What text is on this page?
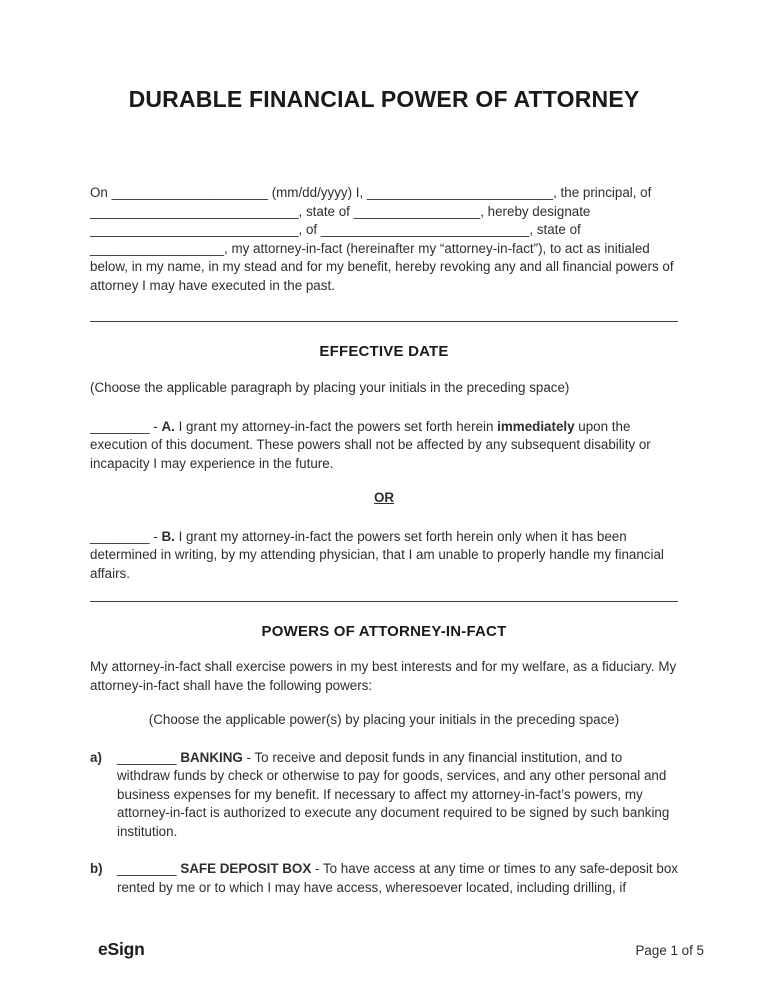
DURABLE FINANCIAL POWER OF ATTORNEY

On _____________________ (mm/dd/yyyy) I, _________________________, the principal, of ____________________________, state of _________________, hereby designate ____________________________, of ____________________________, state of __________________, my attorney-in-fact (hereinafter my “attorney-in-fact”), to act as initialed below, in my name, in my stead and for my benefit, hereby revoking any and all financial powers of attorney I may have executed in the past.

EFFECTIVE DATE

(Choose the applicable paragraph by placing your initials in the preceding space)

________ - A. I grant my attorney-in-fact the powers set forth herein immediately upon the execution of this document. These powers shall not be affected by any subsequent disability or incapacity I may experience in the future.

OR

________ - B. I grant my attorney-in-fact the powers set forth herein only when it has been determined in writing, by my attending physician, that I am unable to properly handle my financial affairs.

POWERS OF ATTORNEY-IN-FACT

My attorney-in-fact shall exercise powers in my best interests and for my welfare, as a fiduciary. My attorney-in-fact shall have the following powers:

(Choose the applicable power(s) by placing your initials in the preceding space)

a) ________ BANKING - To receive and deposit funds in any financial institution, and to withdraw funds by check or otherwise to pay for goods, services, and any other personal and business expenses for my benefit. If necessary to affect my attorney-in-fact’s powers, my attorney-in-fact is authorized to execute any document required to be signed by such banking institution.

b) ________ SAFE DEPOSIT BOX - To have access at any time or times to any safe-deposit box rented by me or to which I may have access, wheresoever located, including drilling, if

eSign	Page 1 of 5
